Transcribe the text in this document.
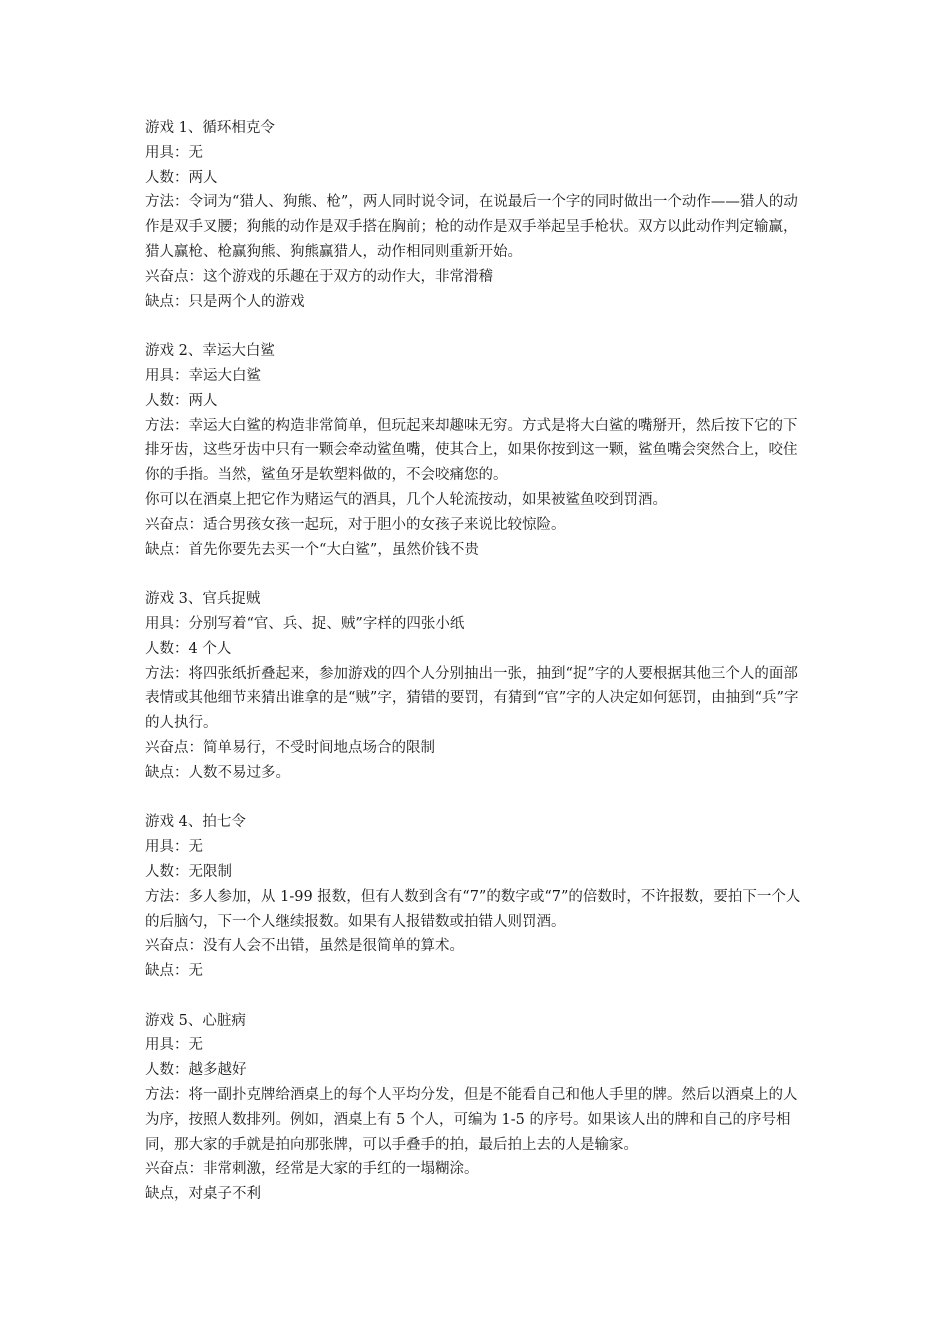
游戏 1、循环相克令
用具：无
人数：两人
方法：令词为“猎人、狗熊、枪”，两人同时说令词，在说最后一个字的同时做出一个动作——猎人的动作是双手叉腰；狗熊的动作是双手搭在胸前；枪的动作是双手举起呈手枪状。双方以此动作判定输赢，猎人赢枪、枪赢狗熊、狗熊赢猎人，动作相同则重新开始。
兴奋点：这个游戏的乐趣在于双方的动作大，非常滑稽
缺点：只是两个人的游戏
游戏 2、幸运大白鲨
用具：幸运大白鲨
人数：两人
方法：幸运大白鲨的构造非常简单，但玩起来却趣味无穷。方式是将大白鲨的嘴掰开，然后按下它的下排牙齿，这些牙齿中只有一颗会牵动鲨鱼嘴，使其合上，如果你按到这一颗，鲨鱼嘴会突然合上，咬住你的手指。当然，鲨鱼牙是软塑料做的，不会咬痛您的。
你可以在酒桌上把它作为赌运气的酒具，几个人轮流按动，如果被鲨鱼咬到罚酒。
兴奋点：适合男孩女孩一起玩，对于胆小的女孩子来说比较惊险。
缺点：首先你要先去买一个“大白鲨”，虽然价钱不贵
游戏 3、官兵捉贼
用具：分别写着“官、兵、捉、贼”字样的四张小纸
人数：4 个人
方法：将四张纸折叠起来，参加游戏的四个人分别抽出一张，抽到“捉”字的人要根据其他三个人的面部表情或其他细节来猜出谁拿的是“贼”字，猜错的要罚，有猜到“官”字的人决定如何惩罚，由抽到“兵”字的人执行。
兴奋点：简单易行，不受时间地点场合的限制
缺点：人数不易过多。
游戏 4、拍七令
用具：无
人数：无限制
方法：多人参加，从 1-99 报数，但有人数到含有“7”的数字或“7”的倍数时，不许报数，要拍下一个人的后脑勺，下一个人继续报数。如果有人报错数或拍错人则罚酒。
兴奋点：没有人会不出错，虽然是很简单的算术。
缺点：无
游戏 5、心脏病
用具：无
人数：越多越好
方法：将一副扑克牌给酒桌上的每个人平均分发，但是不能看自己和他人手里的牌。然后以酒桌上的人为序，按照人数排列。例如，酒桌上有 5 个人，可编为 1-5 的序号。如果该人出的牌和自己的序号相同，那大家的手就是拍向那张牌，可以手叠手的拍，最后拍上去的人是输家。
兴奋点：非常刺激，经常是大家的手红的一塌糊涂。
缺点，对桌子不利
